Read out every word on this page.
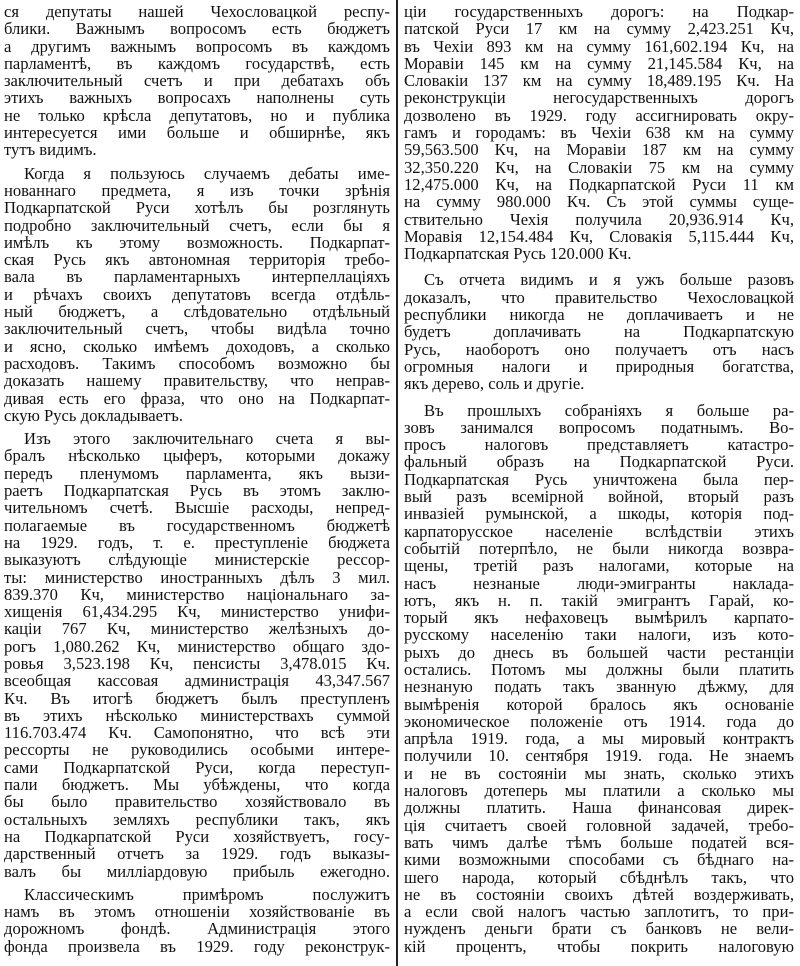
ся депутаты нашей Чехословацкой респу-
блики. Важнымъ вопросомъ есть бюджетъ
а другимъ важнымъ вопросомъ въ каждомъ
парламентѣ, въ каждомъ государствѣ, есть
заключительный счетъ и при дебатахъ объ
этихъ важныхъ вопросахъ наполнены суть
не только крѣсла депутатовъ, но и публика
интересуется ими больше и обширнѣе, якъ
тутъ видимъ.
Когда я пользуюсь случаемъ дебаты име-
нованнаго предмета, я изъ точки зрѣнія
Подкарпатской Руси хотѣлъ бы розглянуть
подробно заключительный счетъ, если бы я
имѣлъ къ этому возможность. Подкарпат-
ская Русь якъ автономная территорія требо-
вала въ парламентарныхъ интерпеллаціяхъ
и рѣчахъ своихъ депутатовъ всегда отдѣль-
ный бюджетъ, а слѣдовательно отдѣльный
заключительный счетъ, чтобы видѣла точно
и ясно, сколько имѣемъ доходовъ, а сколько
расходовъ. Такимъ способомъ возможно бы
доказать нашему правительству, что неправ-
дивая есть его фраза, что оно на Подкарпат-
скую Русь докладываетъ.
Изъ этого заключительнаго счета я вы-
бралъ нѣсколько цыферъ, которыми докажу
передъ пленумомъ парламента, якъ вызи-
раетъ Подкарпатская Русь въ этомъ заклю-
чительномъ счетѣ. Высшіе расходы, непред-
полагаемые въ государственномъ бюджетѣ
на 1929. годъ, т. е. преступленіе бюджета
выказуютъ слѣдующіе министерскіе рессор-
ты: министерство иностранныхъ дѣлъ 3 мил.
839.370 Кч, министерство національнаго за-
хищенія 61,434.295 Кч, министерство унифи-
каціи 767 Кч, министерство желѣзныхъ до-
рогъ 1,080.262 Кч, министерство общаго здо-
ровья 3,523.198 Кч, пенсисты 3,478.015 Кч.
всеобщая кассовая администрація 43,347.567
Кч. Въ итогѣ бюджетъ былъ преступленъ
въ этихъ нѣсколько министерствахъ суммой
116.703.474 Кч. Самопонятно, что всѣ эти
рессорты не руководились особыми интере-
сами Подкарпатской Руси, когда переступ-
пали бюджетъ. Мы убѣждены, что когда
бы было правительство хозяйствовало въ
остальныхъ земляхъ республики такъ, якъ
на Подкарпатской Руси хозяйствуетъ, госу-
дарственный отчетъ за 1929. годъ выказы-
валъ бы милліардовую прибыль ежегодно.
Классическимъ примѣромъ послужитъ
намъ въ этомъ отношеніи хозяйствованіе въ
дорожномъ фондѣ. Администрація этого
фонда произвела въ 1929. году реконструк-
ціи государственныхъ дорогъ: на Подкар-
патской Руси 17 км на сумму 2,423.251 Кч,
въ Чехіи 893 км на сумму 161,602.194 Кч, на
Моравіи 145 км на сумму 21,145.584 Кч, на
Словакіи 137 км на сумму 18,489.195 Кч. На
реконструкціи негосударственныхъ дорогъ
дозволено въ 1929. году ассигнировать окру-
гамъ и городамъ: въ Чехіи 638 км на сумму
59,563.500 Кч, на Моравіи 187 км на сумму
32,350.220 Кч, на Словакіи 75 км на сумму
12,475.000 Кч, на Подкарпатской Руси 11 км
на сумму 980.000 Кч. Съ этой суммы суще-
ствительно Чехія получила 20,936.914 Кч,
Моравія 12,154.484 Кч, Словакія 5,115.444 Кч,
Подкарпатская Русь 120.000 Кч.
Съ отчета видимъ и я ужъ больше разовъ
доказалъ, что правительство Чехословацкой
республики никогда не доплачиваетъ и не
будетъ доплачивать на Подкарпатскую
Русь, наоборотъ оно получаетъ отъ насъ
огромныя налоги и природныя богатства,
якъ дерево, соль и другіе.
Въ прошлыхъ собраніяхъ я больше ра-
зовъ занимался вопросомъ податнымъ. Во-
просъ налоговъ представляетъ катастро-
фальный образъ на Подкарпатской Руси.
Подкарпатская Русь уничтожена была пер-
вый разъ всемірной войной, вторый разъ
инвазіей румынской, а шкоды, которія под-
карпаторусское населеніе вслѣдствіи этихъ
событій потерпѣло, не были никогда возвра-
щены, третій разъ налогами, которые на
насъ незнаные люди-эмигранты наклада-
ютъ, якъ н. п. такій эмигрантъ Гарай, ко-
торый якъ нефаховецъ вымѣрилъ карпато-
русскому населенію таки налоги, изъ кото-
рыхъ до днесь въ большей части рестанціи
остались. Потомъ мы должны были платить
незнаную подать такъ званную дѣжму, для
вымѣренія которой бралось якъ основаніе
экономическое положеніе отъ 1914. года до
апрѣла 1919. года, а мы мировый контрактъ
получили 10. сентября 1919. года. Не знаемъ
и не въ состояніи мы знать, сколько этихъ
налоговъ дотеперь мы платили а сколько мы
должны платить. Наша финансовая дирек-
ція считаетъ своей головной задачей, требо-
вать чимъ далѣе тѣмъ больше податей вся-
кими возможными способами съ бѣднаго на-
шего народа, который сбѣднѣлъ такъ, что
не въ состояніи своихъ дѣтей воздерживать,
а если свой налогъ частью заплотитъ, то при-
нужденъ деньги брати съ банковъ не вели-
кій процентъ, чтобы покрить налоговую
